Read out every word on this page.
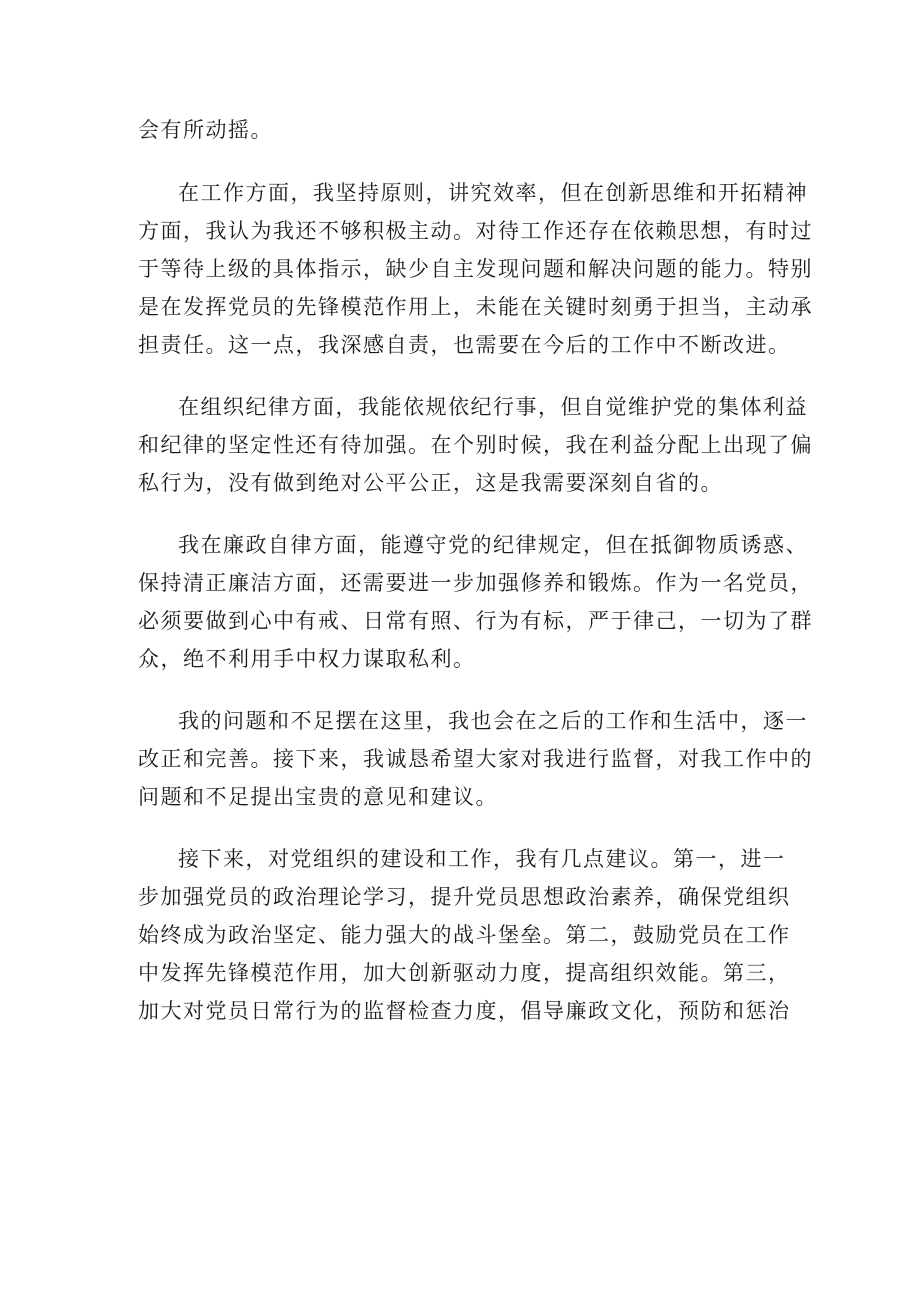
会有所动摇。
在工作方面，我坚持原则，讲究效率，但在创新思维和开拓精神
方面，我认为我还不够积极主动。对待工作还存在依赖思想，有时过
于等待上级的具体指示，缺少自主发现问题和解决问题的能力。特别
是在发挥党员的先锋模范作用上，未能在关键时刻勇于担当，主动承
担责任。这一点，我深感自责，也需要在今后的工作中不断改进。
在组织纪律方面，我能依规依纪行事，但自觉维护党的集体利益
和纪律的坚定性还有待加强。在个别时候，我在利益分配上出现了偏
私行为，没有做到绝对公平公正，这是我需要深刻自省的。
我在廉政自律方面，能遵守党的纪律规定，但在抵御物质诱惑、
保持清正廉洁方面，还需要进一步加强修养和锻炼。作为一名党员，
必须要做到心中有戒、日常有照、行为有标，严于律己，一切为了群
众，绝不利用手中权力谋取私利。
我的问题和不足摆在这里，我也会在之后的工作和生活中，逐一
改正和完善。接下来，我诚恳希望大家对我进行监督，对我工作中的
问题和不足提出宝贵的意见和建议。
接下来，对党组织的建设和工作，我有几点建议。第一，进一
步加强党员的政治理论学习，提升党员思想政治素养，确保党组织
始终成为政治坚定、能力强大的战斗堡垒。第二，鼓励党员在工作
中发挥先锋模范作用，加大创新驱动力度，提高组织效能。第三，
加大对党员日常行为的监督检查力度，倡导廉政文化，预防和惩治
